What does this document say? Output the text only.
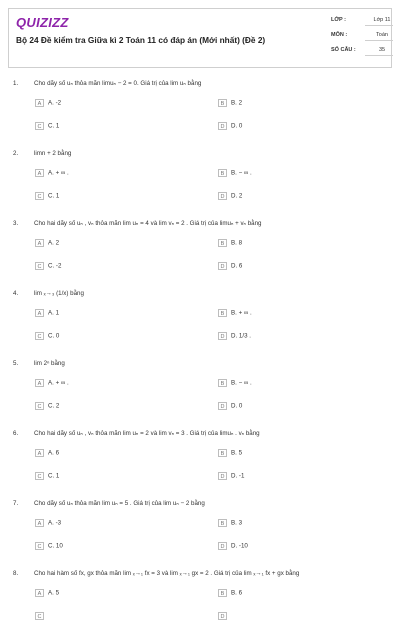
QUIZIZZ
Bộ 24 Đề kiểm tra Giữa kì 2 Toán 11 có đáp án (Mới nhất) (Đề 2)
LỚP :	Lớp 11
MÔN :	Toán
SỐ CÂU :	35
1.	Cho dãy số uₙ thỏa mãn limuₙ − 2 = 0. Giá trị của lim uₙ bằng
A A. -2	B B. 2
C C. 1	D D. 0
2.	limn + 2 bằng
A A. + ∞ .	B B. − ∞ .
C C. 1	D D. 2
3.	Cho hai dãy số uₙ , vₙ thỏa mãn lim uₙ = 4 và lim vₙ = 2 . Giá trị của limuₙ + vₙ bằng
A A. 2	B B. 8
C C. -2	D D. 6
4.	lim ₓ→₃ (1/x) bằng
A A. 1	B B. + ∞ .
C C. 0	D D. 1/3 .
5.	lim 2ⁿ bằng
A A. + ∞ .	B B. − ∞ .
C C. 2	D D. 0
6.	Cho hai dãy số uₙ , vₙ thỏa mãn lim uₙ = 2 và lim vₙ = 3 . Giá trị của limuₙ . vₙ bằng
A A. 6	B B. 5
C C. 1	D D. -1
7.	Cho dãy số uₙ thỏa mãn lim uₙ = 5 . Giá trị của lim uₙ − 2 bằng
A A. -3	B B. 3
C C. 10	D D. -10
8.	Cho hai hàm số fx, gx thỏa mãn lim ₓ→₁ fx = 3 và lim ₓ→₁ gx = 2 . Giá trị của lim ₓ→₁ fx + gx bằng
A A. 5	B B. 6
C	D
